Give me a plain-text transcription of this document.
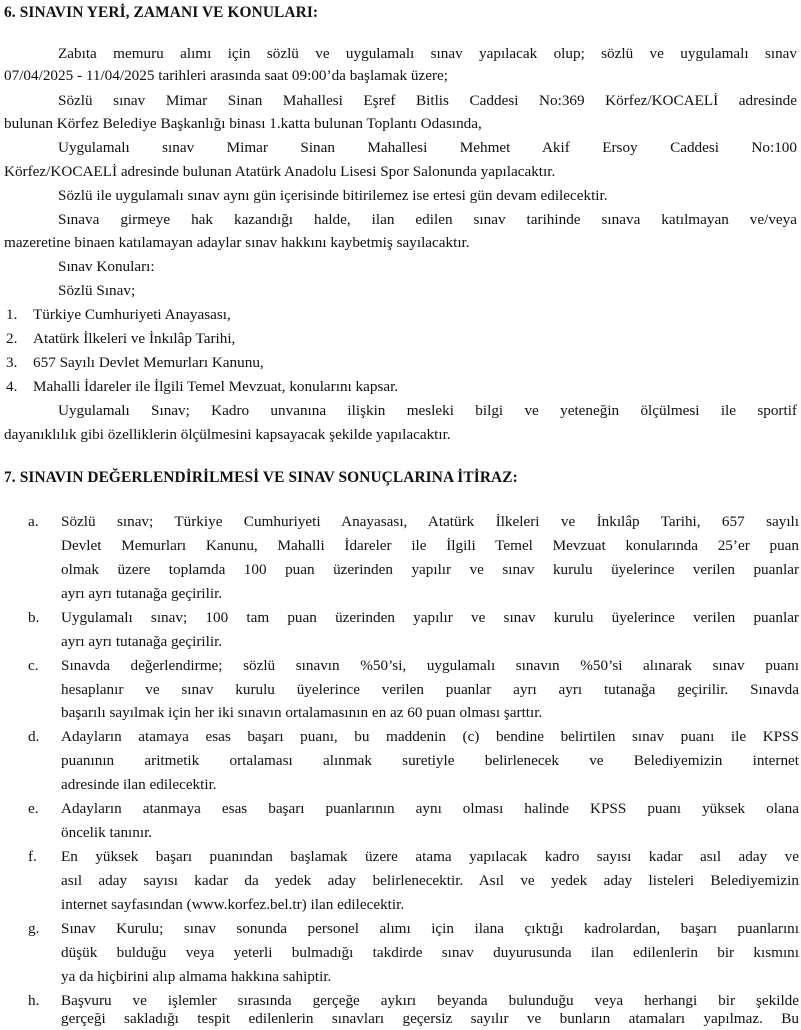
6. SINAVIN YERİ, ZAMANI VE KONULARI:
Zabıta memuru alımı için sözlü ve uygulamalı sınav yapılacak olup; sözlü ve uygulamalı sınav
07/04/2025 - 11/04/2025 tarihleri arasında saat 09:00’da başlamak üzere;
Sözlü sınav Mimar Sinan Mahallesi Eşref Bitlis Caddesi No:369 Körfez/KOCAELİ adresinde
bulunan Körfez Belediye Başkanlığı binası 1.katta bulunan Toplantı Odasında,
Uygulamalı sınav Mimar Sinan Mahallesi Mehmet Akif Ersoy Caddesi No:100
Körfez/KOCAELİ adresinde bulunan Atatürk Anadolu Lisesi Spor Salonunda yapılacaktır.
Sözlü ile uygulamalı sınav aynı gün içerisinde bitirilemez ise ertesi gün devam edilecektir.
Sınava girmeye hak kazandığı halde, ilan edilen sınav tarihinde sınava katılmayan ve/veya
mazeretine binaen katılamayan adaylar sınav hakkını kaybetmiş sayılacaktır.
Sınav Konuları:
Sözlü Sınav;
1. Türkiye Cumhuriyeti Anayasası,
2. Atatürk İlkeleri ve İnkılâp Tarihi,
3. 657 Sayılı Devlet Memurları Kanunu,
4. Mahalli İdareler ile İlgili Temel Mevzuat, konularını kapsar.
Uygulamalı Sınav; Kadro unvanına ilişkin mesleki bilgi ve yeteneğin ölçülmesi ile sportif
dayanıklılık gibi özelliklerin ölçülmesini kapsayacak şekilde yapılacaktır.
7. SINAVIN DEĞERLENDİRİLMESİ VE SINAV SONUÇLARINA İTİRAZ:
a. Sözlü sınav; Türkiye Cumhuriyeti Anayasası, Atatürk İlkeleri ve İnkılâp Tarihi, 657 sayılı
Devlet Memurları Kanunu, Mahalli İdareler ile İlgili Temel Mevzuat konularında 25’er puan
olmak üzere toplamda 100 puan üzerinden yapılır ve sınav kurulu üyelerince verilen puanlar
ayrı ayrı tutanağa geçirilir.
b. Uygulamalı sınav; 100 tam puan üzerinden yapılır ve sınav kurulu üyelerince verilen puanlar
ayrı ayrı tutanağa geçirilir.
c. Sınavda değerlendirme; sözlü sınavın %50’si, uygulamalı sınavın %50’si alınarak sınav puanı
hesaplanır ve sınav kurulu üyelerince verilen puanlar ayrı ayrı tutanağa geçirilir. Sınavda
başarılı sayılmak için her iki sınavın ortalamasının en az 60 puan olması şarttır.
d. Adayların atamaya esas başarı puanı, bu maddenin (c) bendine belirtilen sınav puanı ile KPSS
puanının aritmetik ortalaması alınmak suretiyle belirlenecek ve Belediyemizin internet
adresinde ilan edilecektir.
e. Adayların atanmaya esas başarı puanlarının aynı olması halinde KPSS puanı yüksek olana
öncelik tanınır.
f. En yüksek başarı puanından başlamak üzere atama yapılacak kadro sayısı kadar asıl aday ve
asıl aday sayısı kadar da yedek aday belirlenecektir. Asıl ve yedek aday listeleri Belediyemizin
internet sayfasından (www.korfez.bel.tr) ilan edilecektir.
g. Sınav Kurulu; sınav sonunda personel alımı için ilana çıktığı kadrolardan, başarı puanlarını
düşük bulduğu veya yeterli bulmadığı takdirde sınav duyurusunda ilan edilenlerin bir kısmını
ya da hiçbirini alıp almama hakkına sahiptir.
h. Başvuru ve işlemler sırasında gerçeğe aykırı beyanda bulunduğu veya herhangi bir şekilde
gerçeği sakladığı tespit edilenlerin sınavları geçersiz sayılır ve bunların atamaları yapılmaz. Bu
